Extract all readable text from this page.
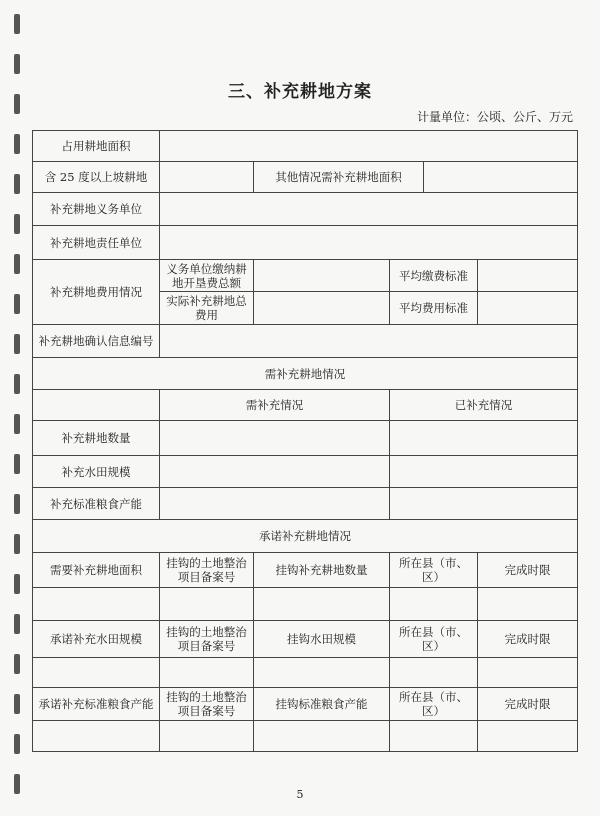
三、补充耕地方案
计量单位：公顷、公斤、万元
占用耕地面积					
含 25 度以上坡耕地		其他情况需补充耕地面积			
补充耕地义务单位					
补充耕地责任单位					
补充耕地费用情况	义务单位缴纳耕地开垦费总额		平均缴费标准		
	实际补充耕地总费用		平均费用标准		
补充耕地确认信息编号					
需补充耕地情况					
	需补充情况		已补充情况		
补充耕地数量					
补充水田规模					
补充标准粮食产能					
承诺补充耕地情况					
需要补充耕地面积	挂钩的土地整治项目备案号	挂钩补充耕地数量	所在县（市、区）		完成时限

承诺补充水田规模	挂钩的土地整治项目备案号	挂钩水田规模	所在县（市、区）		完成时限

承诺补充标准粮食产能	挂钩的土地整治项目备案号	挂钩标准粮食产能	所在县（市、区）		完成时限

5
